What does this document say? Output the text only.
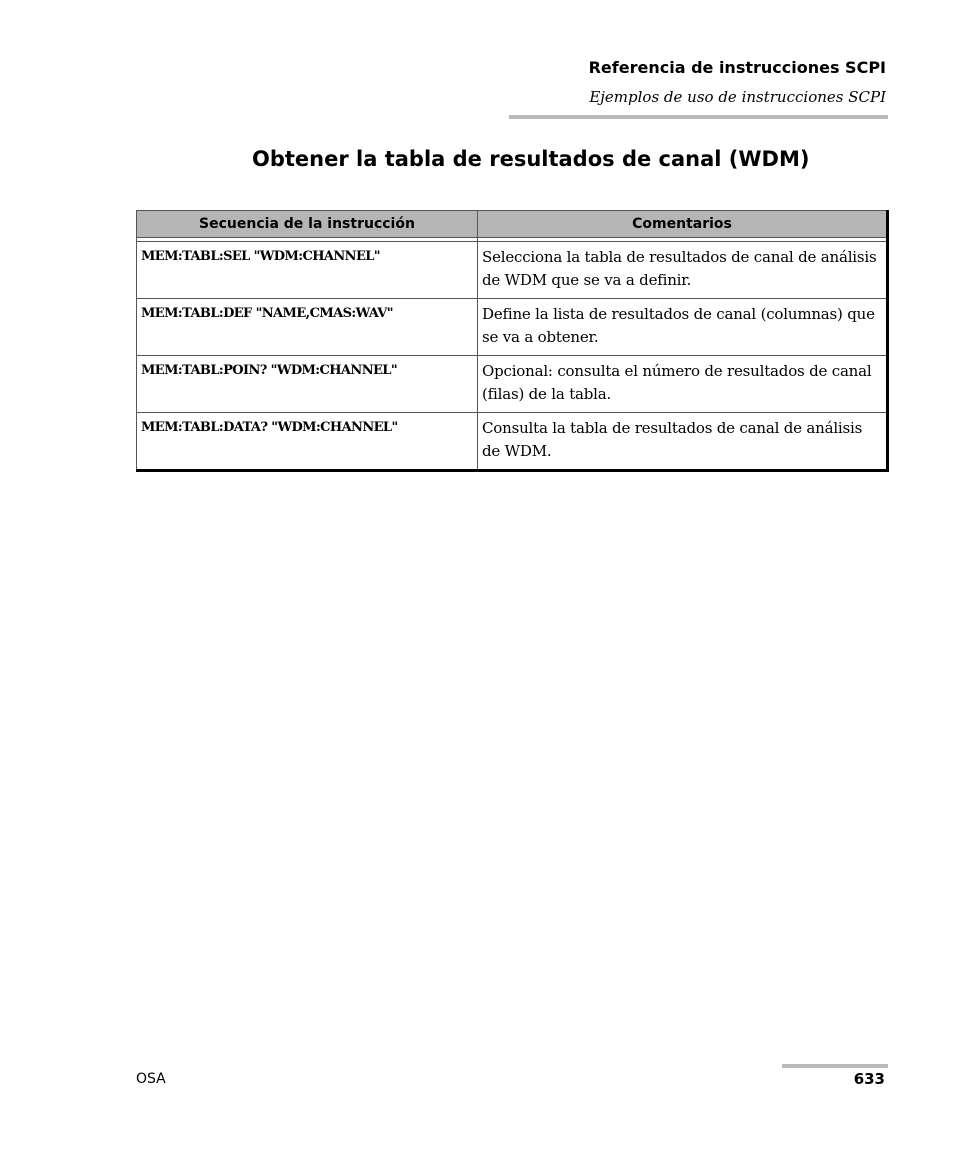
Referencia de instrucciones SCPI
Ejemplos de uso de instrucciones SCPI
Obtener la tabla de resultados de canal (WDM)
Secuencia de la instrucción	Comentarios

MEM:TABL:SEL "WDM:CHANNEL"	Selecciona la tabla de resultados de canal de análisis de WDM que se va a definir.
MEM:TABL:DEF "NAME,CMAS:WAV"	Define la lista de resultados de canal (columnas) que se va a obtener.
MEM:TABL:POIN? "WDM:CHANNEL"	Opcional: consulta el número de resultados de canal (filas) de la tabla.
MEM:TABL:DATA? "WDM:CHANNEL"	Consulta la tabla de resultados de canal de análisis de WDM.
OSA	633
